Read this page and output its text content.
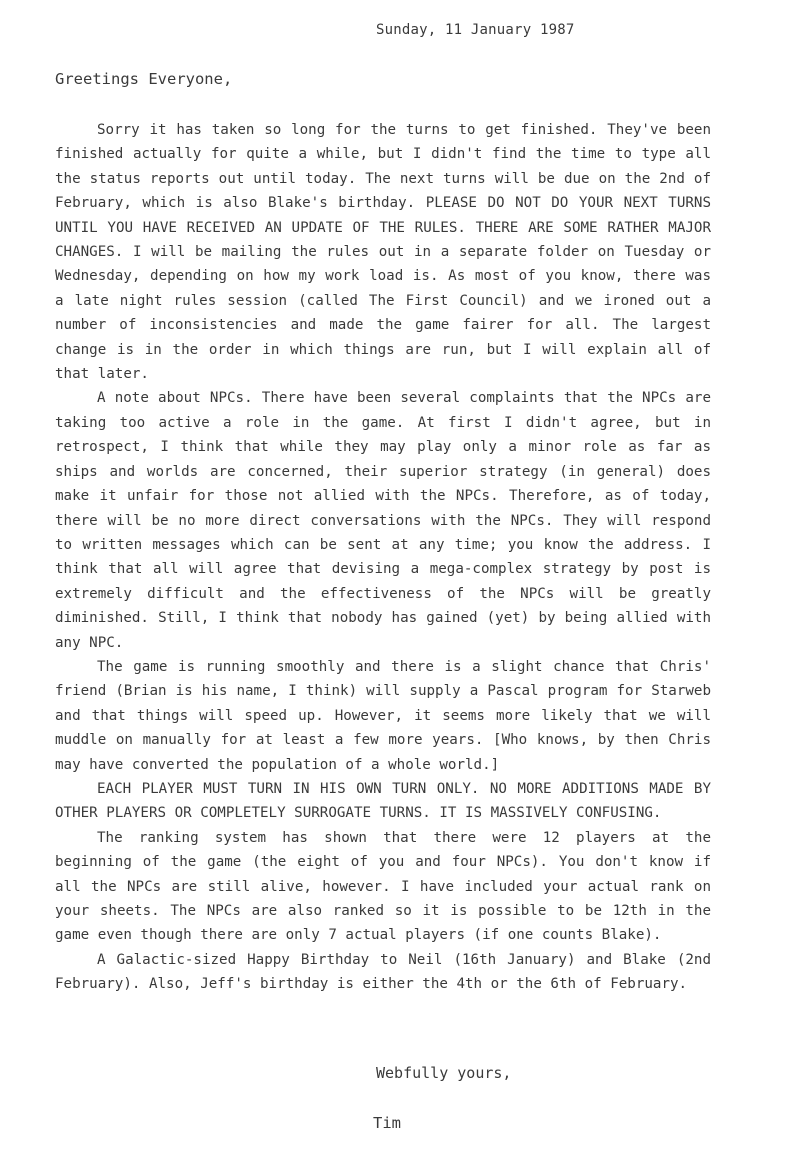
Sunday, 11 January 1987
Greetings Everyone,

Sorry it has taken so long for the turns to get finished. They've been finished actually for quite a while, but I didn't find the time to type all the status reports out until today. The next turns will be due on the 2nd of February, which is also Blake's birthday. PLEASE DO NOT DO YOUR NEXT TURNS UNTIL YOU HAVE RECEIVED AN UPDATE OF THE RULES. THERE ARE SOME RATHER MAJOR CHANGES. I will be mailing the rules out in a separate folder on Tuesday or Wednesday, depending on how my work load is. As most of you know, there was a late night rules session (called The First Council) and we ironed out a number of inconsistencies and made the game fairer for all. The largest change is in the order in which things are run, but I will explain all of that later.

A note about NPCs. There have been several complaints that the NPCs are taking too active a role in the game. At first I didn't agree, but in retrospect, I think that while they may play only a minor role as far as ships and worlds are concerned, their superior strategy (in general) does make it unfair for those not allied with the NPCs. Therefore, as of today, there will be no more direct conversations with the NPCs. They will respond to written messages which can be sent at any time; you know the address. I think that all will agree that devising a mega-complex strategy by post is extremely difficult and the effectiveness of the NPCs will be greatly diminished. Still, I think that nobody has gained (yet) by being allied with any NPC.

The game is running smoothly and there is a slight chance that Chris' friend (Brian is his name, I think) will supply a Pascal program for Starweb and that things will speed up. However, it seems more likely that we will muddle on manually for at least a few more years. [Who knows, by then Chris may have converted the population of a whole world.]

EACH PLAYER MUST TURN IN HIS OWN TURN ONLY. NO MORE ADDITIONS MADE BY OTHER PLAYERS OR COMPLETELY SURROGATE TURNS. IT IS MASSIVELY CONFUSING.

The ranking system has shown that there were 12 players at the beginning of the game (the eight of you and four NPCs). You don't know if all the NPCs are still alive, however. I have included your actual rank on your sheets. The NPCs are also ranked so it is possible to be 12th in the game even though there are only 7 actual players (if one counts Blake).

A Galactic-sized Happy Birthday to Neil (16th January) and Blake (2nd February). Also, Jeff's birthday is either the 4th or the 6th of February.

Webfully yours,
Tim
